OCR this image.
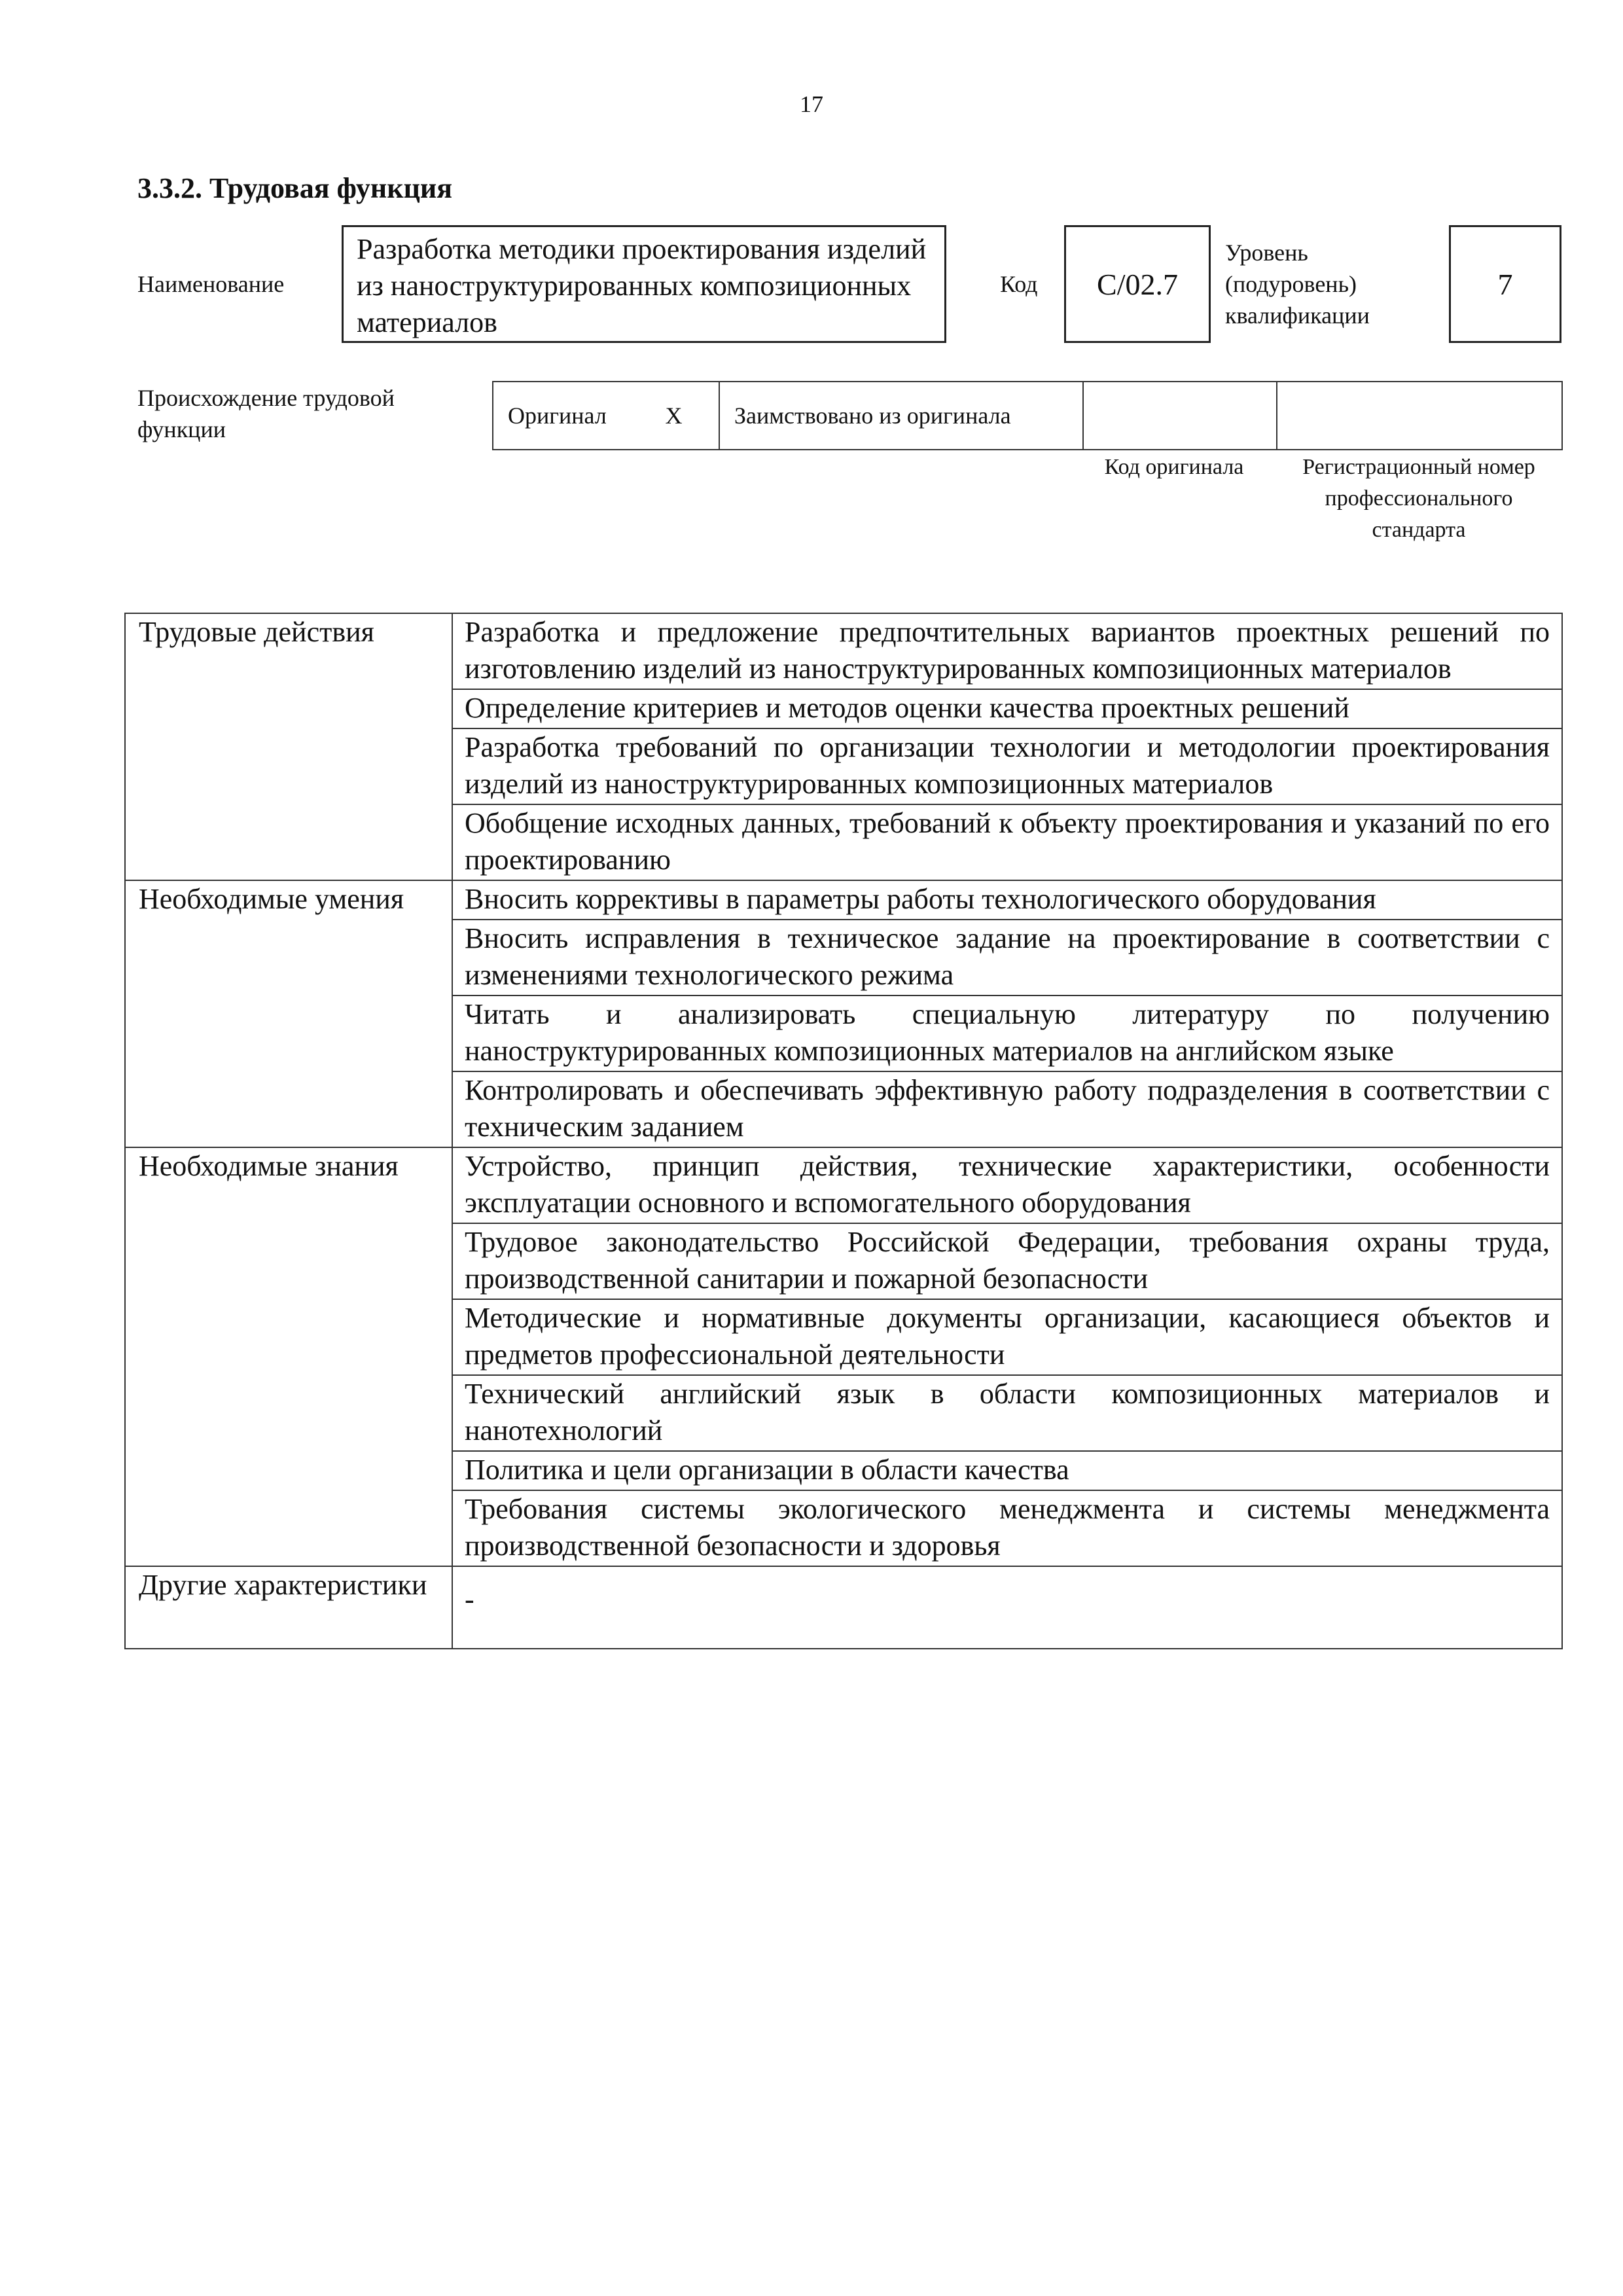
17
3.3.2. Трудовая функция
Наименование
Разработка методики проектирования изделий из наноструктурированных композиционных материалов
Код	C/02.7
Уровень (подуровень) квалификации
7
Происхождение трудовой функции
Оригинал	X	Заимствовано из оригинала		
Код оригинала	Регистрационный номер профессионального стандарта
Трудовые действия	Разработка и предложение предпочтительных вариантов проектных решений по изготовлению изделий из наноструктурированных композиционных материалов
	Определение критериев и методов оценки качества проектных решений
	Разработка требований по организации технологии и методологии проектирования изделий из наноструктурированных композиционных материалов
	Обобщение исходных данных, требований к объекту проектирования и указаний по его проектированию
Необходимые умения	Вносить коррективы в параметры работы технологического оборудования
	Вносить исправления в техническое задание на проектирование в соответствии с изменениями технологического режима
	Читать и анализировать специальную литературу по получению наноструктурированных композиционных материалов на английском языке
	Контролировать и обеспечивать эффективную работу подразделения в соответствии с техническим заданием
Необходимые знания	Устройство, принцип действия, технические характеристики, особенности эксплуатации основного и вспомогательного оборудования
	Трудовое законодательство Российской Федерации, требования охраны труда, производственной санитарии и пожарной безопасности
	Методические и нормативные документы организации, касающиеся объектов и предметов профессиональной деятельности
	Технический английский язык в области композиционных материалов и нанотехнологий
	Политика и цели организации в области качества
	Требования системы экологического менеджмента и системы менеджмента производственной безопасности и здоровья
Другие характеристики	-
